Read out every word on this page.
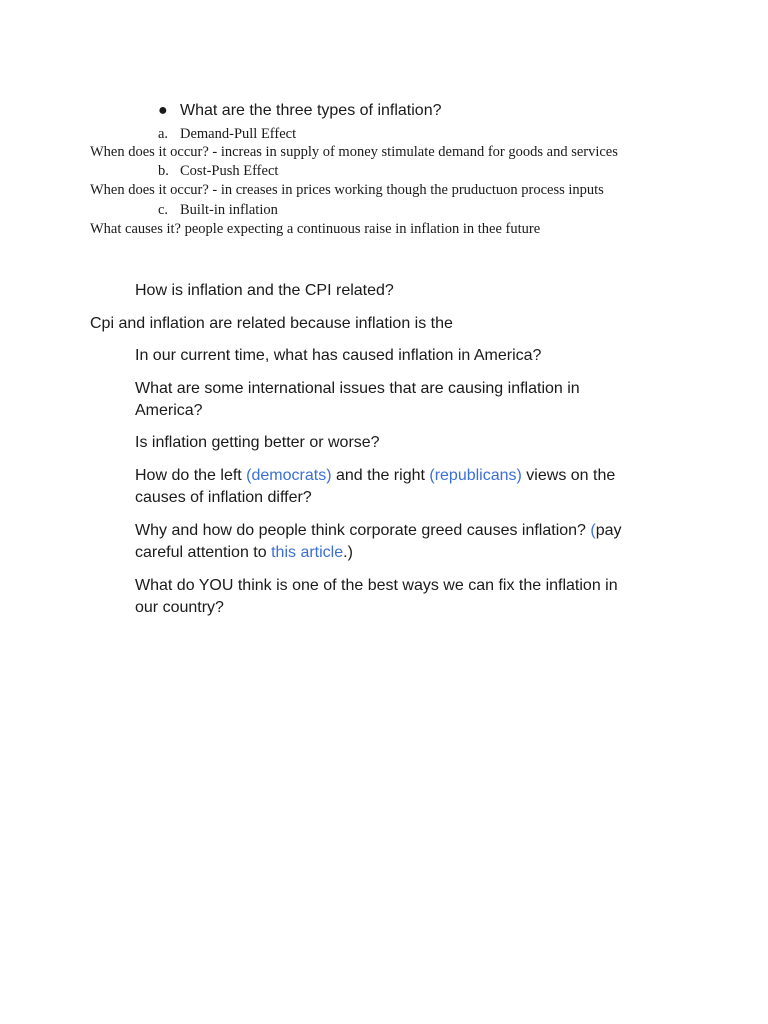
● What are the three types of inflation?

a. Demand-Pull Effect

When does it occur? - increas in supply of money stimulate demand for goods and services

b. Cost-Push Effect

When does it occur? - in creases in prices working though the pruductuon process inputs

c. Built-in inflation

What causes it? people expecting a continuous raise in inflation in thee future

How is inflation and the CPI related?

Cpi and inflation are related because inflation is the

In our current time, what has caused inflation in America?

What are some international issues that are causing inflation in America?

Is inflation getting better or worse?

How do the left (democrats) and the right (republicans) views on the causes of inflation differ?

Why and how do people think corporate greed causes inflation? (pay careful attention to this article.)

What do YOU think is one of the best ways we can fix the inflation in our country?
